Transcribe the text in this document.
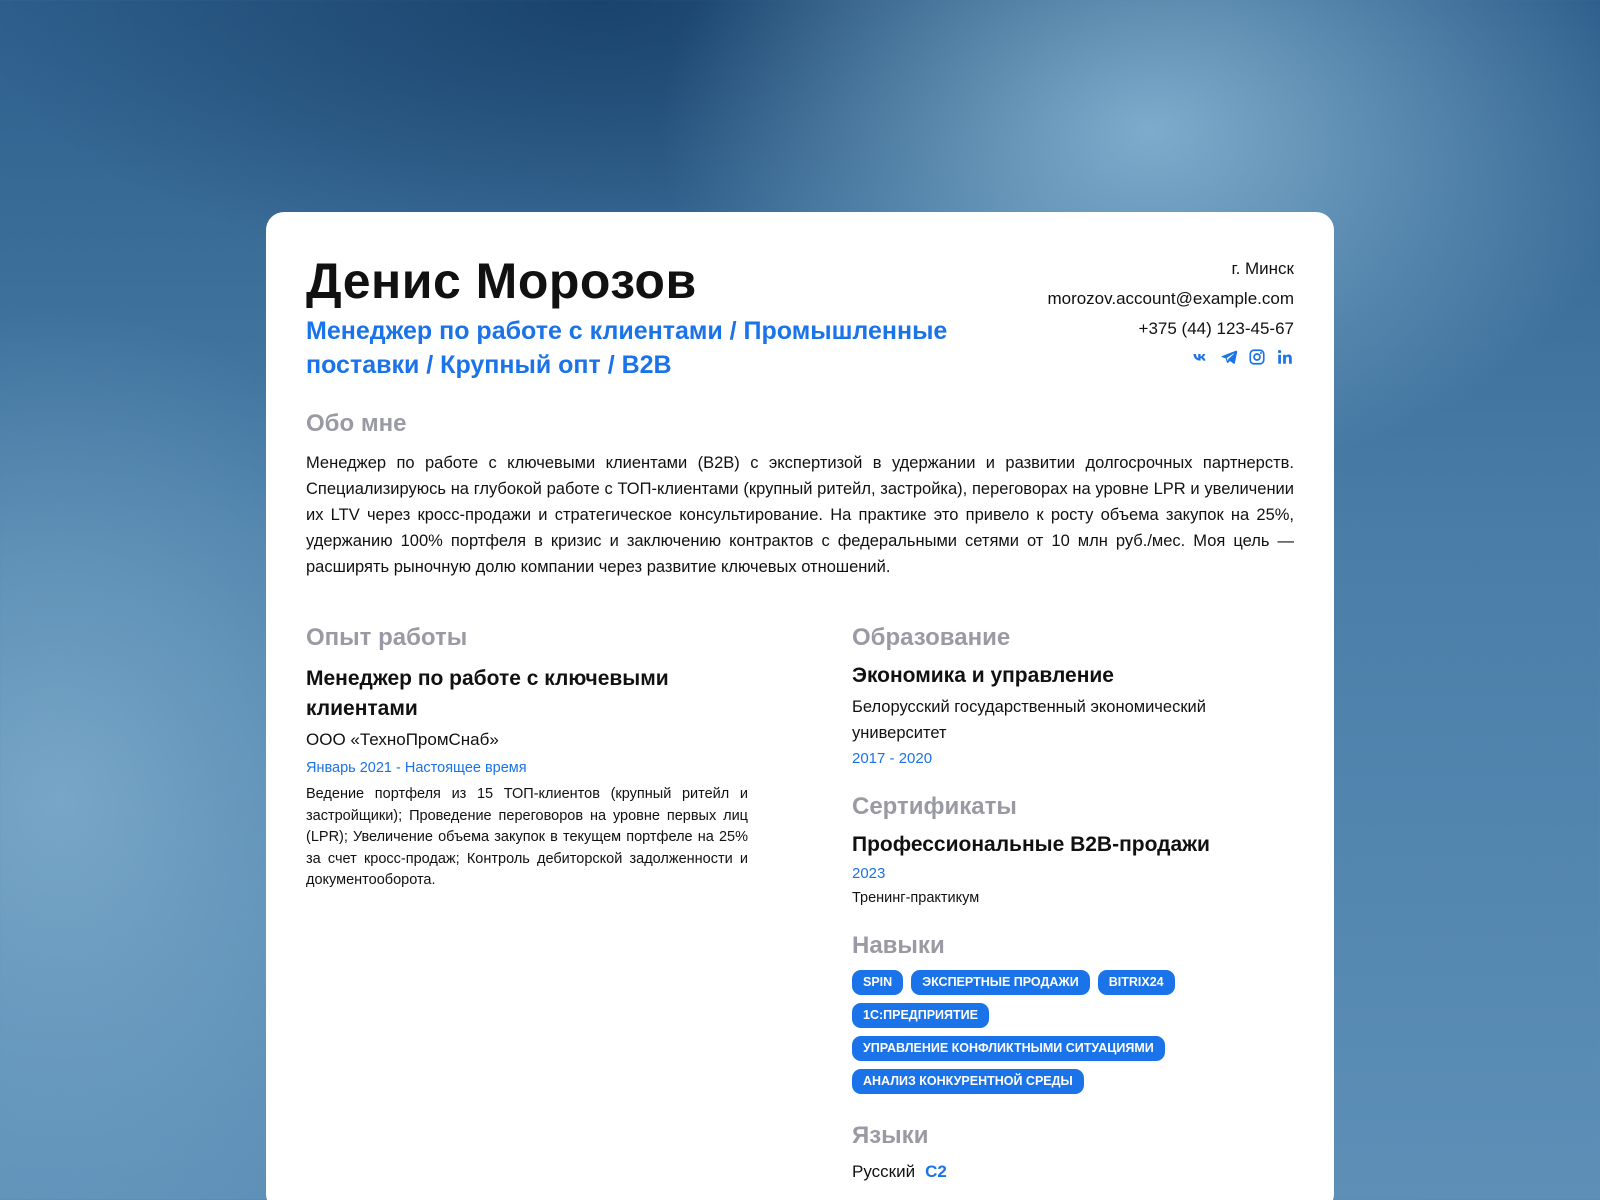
Денис Морозов
Менеджер по работе с клиентами / Промышленные поставки / Крупный опт / B2B
г. Минск
morozov.account@example.com
+375 (44) 123-45-67
Обо мне
Менеджер по работе с ключевыми клиентами (B2B) с экспертизой в удержании и развитии долгосрочных партнерств. Специализируюсь на глубокой работе с ТОП-клиентами (крупный ритейл, застройка), переговорах на уровне LPR и увеличении их LTV через кросс-продажи и стратегическое консультирование. На практике это привело к росту объема закупок на 25%, удержанию 100% портфеля в кризис и заключению контрактов с федеральными сетями от 10 млн руб./мес. Моя цель — расширять рыночную долю компании через развитие ключевых отношений.
Опыт работы
Менеджер по работе с ключевыми клиентами
ООО «ТехноПромСнаб»
Январь 2021 - Настоящее время
Ведение портфеля из 15 ТОП-клиентов (крупный ритейл и застройщики); Проведение переговоров на уровне первых лиц (LPR); Увеличение объема закупок в текущем портфеле на 25% за счет кросс-продаж; Контроль дебиторской задолженности и документооборота.
Образование
Экономика и управление
Белорусский государственный экономический университет
2017 - 2020
Сертификаты
Профессиональные B2B-продажи
2023
Тренинг-практикум
Навыки
SPIN	ЭКСПЕРТНЫЕ ПРОДАЖИ	BITRIX24
1С:ПРЕДПРИЯТИЕ
УПРАВЛЕНИЕ КОНФЛИКТНЫМИ СИТУАЦИЯМИ
АНАЛИЗ КОНКУРЕНТНОЙ СРЕДЫ
Языки
Русский C2
